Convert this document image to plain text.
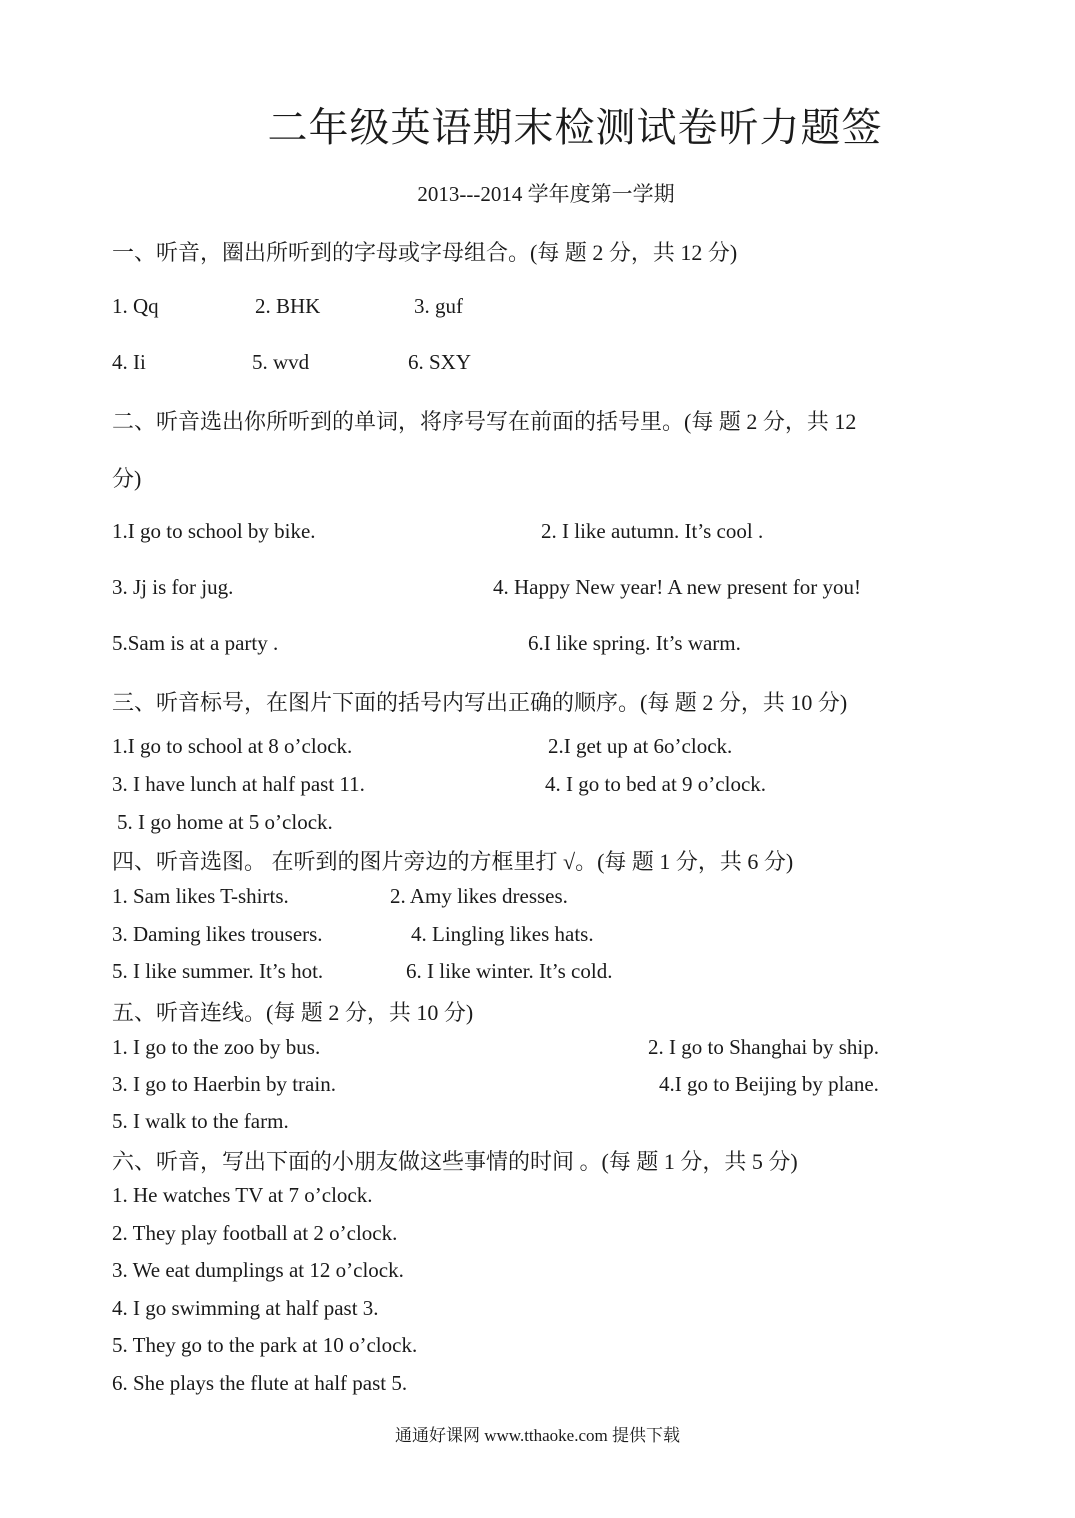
二年级英语期末检测试卷听力题签
2013---2014 学年度第一学期
一、听音，圈出所听到的字母或字母组合。(每 题 2 分，共 12 分)
1. Qq	2. BHK	3. guf
4. Ii	5. wvd	6. SXY
二、听音选出你所听到的单词，将序号写在前面的括号里。(每 题 2 分，共 12
分)
1.I go to school by bike.	2. I like autumn. It’s cool .
3. Jj is for jug.	4. Happy New year! A new present for you!
5.Sam is at a party .	6.I like spring. It’s warm.
三、听音标号，在图片下面的括号内写出正确的顺序。(每 题 2 分，共 10 分)
1.I go to school at 8 o’clock.	2.I get up at 6o’clock.
3. I have lunch at half past 11.	4. I go to bed at 9 o’clock.
5. I go home at 5 o’clock.
四、听音选图。 在听到的图片旁边的方框里打 √。(每 题 1 分，共 6 分)
1. Sam likes T-shirts.	2. Amy likes dresses.
3. Daming likes trousers.	4. Lingling likes hats.
5. I like summer. It’s hot.	6. I like winter. It’s cold.
五、听音连线。(每 题 2 分，共 10 分)
1. I go to the zoo by bus.	2. I go to Shanghai by ship.
3. I go to Haerbin by train.	4.I go to Beijing by plane.
5. I walk to the farm.
六、听音，写出下面的小朋友做这些事情的时间 。(每 题 1 分，共 5 分)
1. He watches TV at 7 o’clock.
2. They play football at 2 o’clock.
3. We eat dumplings at 12 o’clock.
4. I go swimming at half past 3.
5. They go to the park at 10 o’clock.
6. She plays the flute at half past 5.
通通好课网 www.tthaoke.com 提供下载
